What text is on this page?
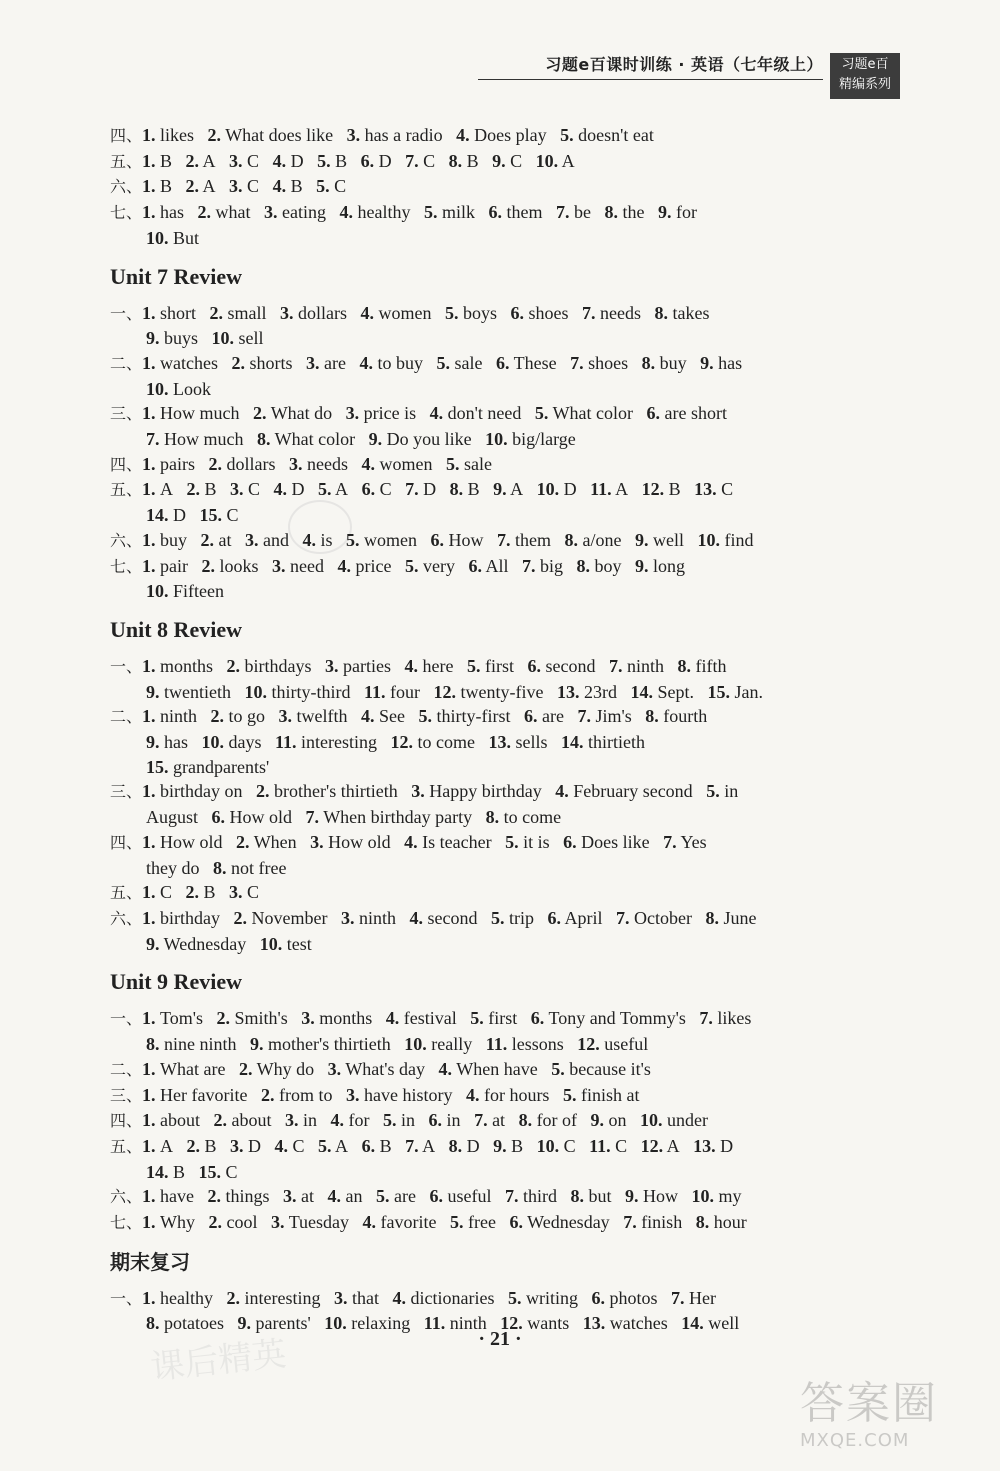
习题e百课时训练 · 英语（七年级上）	习题e百
精编系列
课后精英
四、1. likes 2. What does like 3. has a radio 4. Does play 5. doesn't eat
五、1. B 2. A 3. C 4. D 5. B 6. D 7. C 8. B 9. C 10. A
六、1. B 2. A 3. C 4. B 5. C
七、1. has 2. what 3. eating 4. healthy 5. milk 6. them 7. be 8. the 9. for
10. But
Unit 7 Review
一、1. short 2. small 3. dollars 4. women 5. boys 6. shoes 7. needs 8. takes
9. buys 10. sell
二、1. watches 2. shorts 3. are 4. to buy 5. sale 6. These 7. shoes 8. buy 9. has
10. Look
三、1. How much 2. What do 3. price is 4. don't need 5. What color 6. are short
7. How much 8. What color 9. Do you like 10. big/large
四、1. pairs 2. dollars 3. needs 4. women 5. sale
五、1. A 2. B 3. C 4. D 5. A 6. C 7. D 8. B 9. A 10. D 11. A 12. B 13. C
14. D 15. C
六、1. buy 2. at 3. and 4. is 5. women 6. How 7. them 8. a/one 9. well 10. find
七、1. pair 2. looks 3. need 4. price 5. very 6. All 7. big 8. boy 9. long
10. Fifteen
Unit 8 Review
一、1. months 2. birthdays 3. parties 4. here 5. first 6. second 7. ninth 8. fifth
9. twentieth 10. thirty-third 11. four 12. twenty-five 13. 23rd 14. Sept. 15. Jan.
二、1. ninth 2. to go 3. twelfth 4. See 5. thirty-first 6. are 7. Jim's 8. fourth
9. has 10. days 11. interesting 12. to come 13. sells 14. thirtieth
15. grandparents'
三、1. birthday on 2. brother's thirtieth 3. Happy birthday 4. February second 5. in
August 6. How old 7. When birthday party 8. to come
四、1. How old 2. When 3. How old 4. Is teacher 5. it is 6. Does like 7. Yes
they do 8. not free
五、1. C 2. B 3. C
六、1. birthday 2. November 3. ninth 4. second 5. trip 6. April 7. October 8. June
9. Wednesday 10. test
Unit 9 Review
一、1. Tom's 2. Smith's 3. months 4. festival 5. first 6. Tony and Tommy's 7. likes
8. nine ninth 9. mother's thirtieth 10. really 11. lessons 12. useful
二、1. What are 2. Why do 3. What's day 4. When have 5. because it's
三、1. Her favorite 2. from to 3. have history 4. for hours 5. finish at
四、1. about 2. about 3. in 4. for 5. in 6. in 7. at 8. for of 9. on 10. under
五、1. A 2. B 3. D 4. C 5. A 6. B 7. A 8. D 9. B 10. C 11. C 12. A 13. D
14. B 15. C
六、1. have 2. things 3. at 4. an 5. are 6. useful 7. third 8. but 9. How 10. my
七、1. Why 2. cool 3. Tuesday 4. favorite 5. free 6. Wednesday 7. finish 8. hour
期末复习
一、1. healthy 2. interesting 3. that 4. dictionaries 5. writing 6. photos 7. Her
8. potatoes 9. parents' 10. relaxing 11. ninth 12. wants 13. watches 14. well
· 21 ·
答案圈
MXQE.COM
